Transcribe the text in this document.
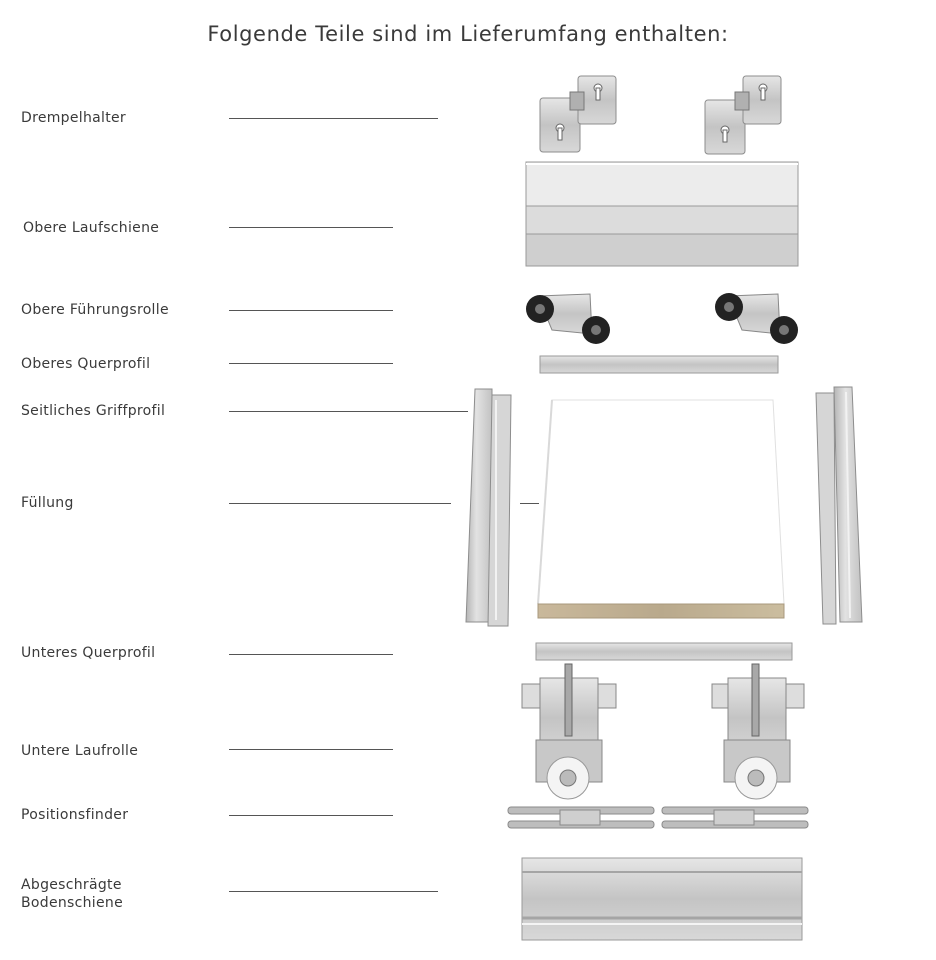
Folgende Teile sind im Lieferumfang enthalten:
Drempelhalter
Obere Laufschiene
Obere Führungsrolle
Oberes Querprofil
Seitliches Griffprofil
Füllung
Unteres Querprofil
Untere Laufrolle
Positionsfinder
Abgeschrägte Bodenschiene
